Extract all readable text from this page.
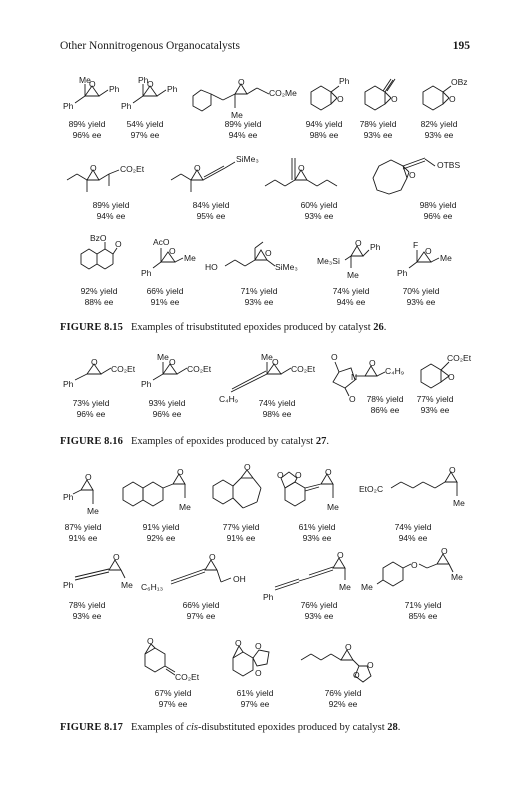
Other Nonnitrogenous Organocatalysts	195
Me
O
Ph
Ph
89% yield
96% ee
Ph
O
Ph
Ph
54% yield
97% ee
O
Me
CO₂Me
89% yield
94% ee
O
Ph
94% yield
98% ee
O
78% yield
93% ee
O
OBz
82% yield
93% ee
O	CO₂Et
89% yield
94% ee
O
SiMe₃
84% yield
95% ee
O
60% yield
93% ee
O
OTBS
98% yield
96% ee
BzO
O
92% yield
88% ee
AcO
O
Ph
Me
66% yield
91% ee
HO
O
SiMe₃
71% yield
93% ee
Me₃Si
O Ph
Me
74% yield
94% ee
F
O
Ph
Me
70% yield
93% ee
FIGURE 8.15 Examples of trisubstituted epoxides produced by catalyst 26.
O
Ph
CO₂Et
73% yield
96% ee
Me O
Ph
CO₂Et
93% yield
96% ee
Me O
C₄H₉
CO₂Et
74% yield
98% ee
O
N
O
O
C₄H₉
78% yield
86% ee
O
CO₂Et
77% yield
93% ee
FIGURE 8.16 Examples of epoxides produced by catalyst 27.
O
Ph
Me
87% yield
91% ee
O
Me
91% yield
92% ee
O
77% yield
91% ee
O O	O
Me
61% yield
93% ee
EtO₂C
O
Me
74% yield
94% ee
O
Ph	Me
78% yield
93% ee
O
C₆H₁₃
OH
66% yield
97% ee
O
Ph
Me
76% yield
93% ee
Me
O
O
Me
71% yield
85% ee
O
CO₂Et
67% yield
97% ee
O O
O
61% yield
97% ee
O
O
O
76% yield
92% ee
FIGURE 8.17 Examples of cis-disubstituted epoxides produced by catalyst 28.
